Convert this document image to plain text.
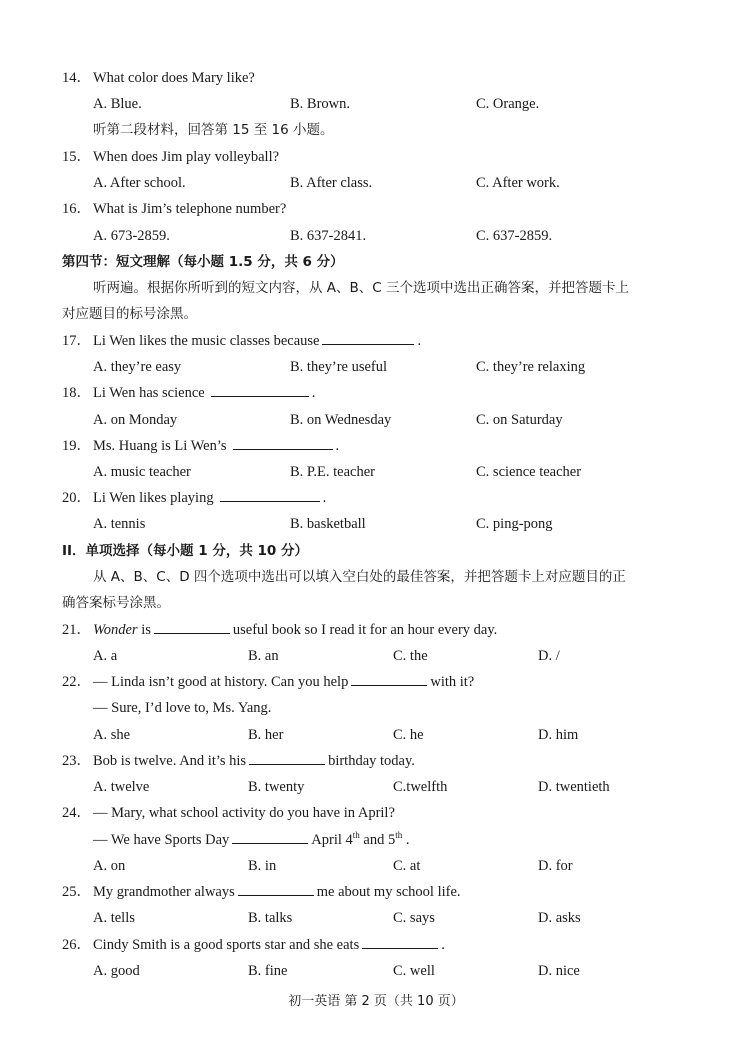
14． What color does Mary like?
A. Blue.	B. Brown.	C. Orange.
听第二段材料，回答第 15 至 16 小题。
15． When does Jim play volleyball?
A. After school.	B. After class.	C. After work.
16． What is Jim’s telephone number?
A. 673-2859.	B. 637-2841.	C. 637-2859.
第四节：短文理解（每小题 1.5 分，共 6 分）
听两遍。根据你所听到的短文内容，从 A、B、C 三个选项中选出正确答案，并把答题卡上
对应题目的标号涂黑。
17． Li Wen likes the music classes because	.
A. they’re easy	B. they’re useful	C. they’re relaxing
18． Li Wen has science	.
A. on Monday	B. on Wednesday	C. on Saturday
19． Ms. Huang is Li Wen’s	.
A. music teacher	B. P.E. teacher	C. science teacher
20． Li Wen likes playing	.
A. tennis	B. basketball	C. ping-pong
II．单项选择（每小题 1 分，共 10 分）
从 A、B、C、D 四个选项中选出可以填入空白处的最佳答案，并把答题卡上对应题目的正
确答案标号涂黑。
21． Wonder is	useful book so I read it for an hour every day.
A. a	B. an	C. the	D. /
22． — Linda isn’t good at history. Can you help	with it?
— Sure, I’d love to, Ms. Yang.
A. she	B. her	C. he	D. him
23． Bob is twelve. And it’s his	birthday today.
A. twelve	B. twenty	C.twelfth	D. twentieth
24． — Mary, what school activity do you have in April?
— We have Sports Day	April 4th and 5th .
A. on	B. in	C. at	D. for
25． My grandmother always	me about my school life.
A. tells	B. talks	C. says	D. asks
26． Cindy Smith is a good sports star and she eats	.
A. good	B. fine	C. well	D. nice
初一英语 第 2 页（共 10 页）
